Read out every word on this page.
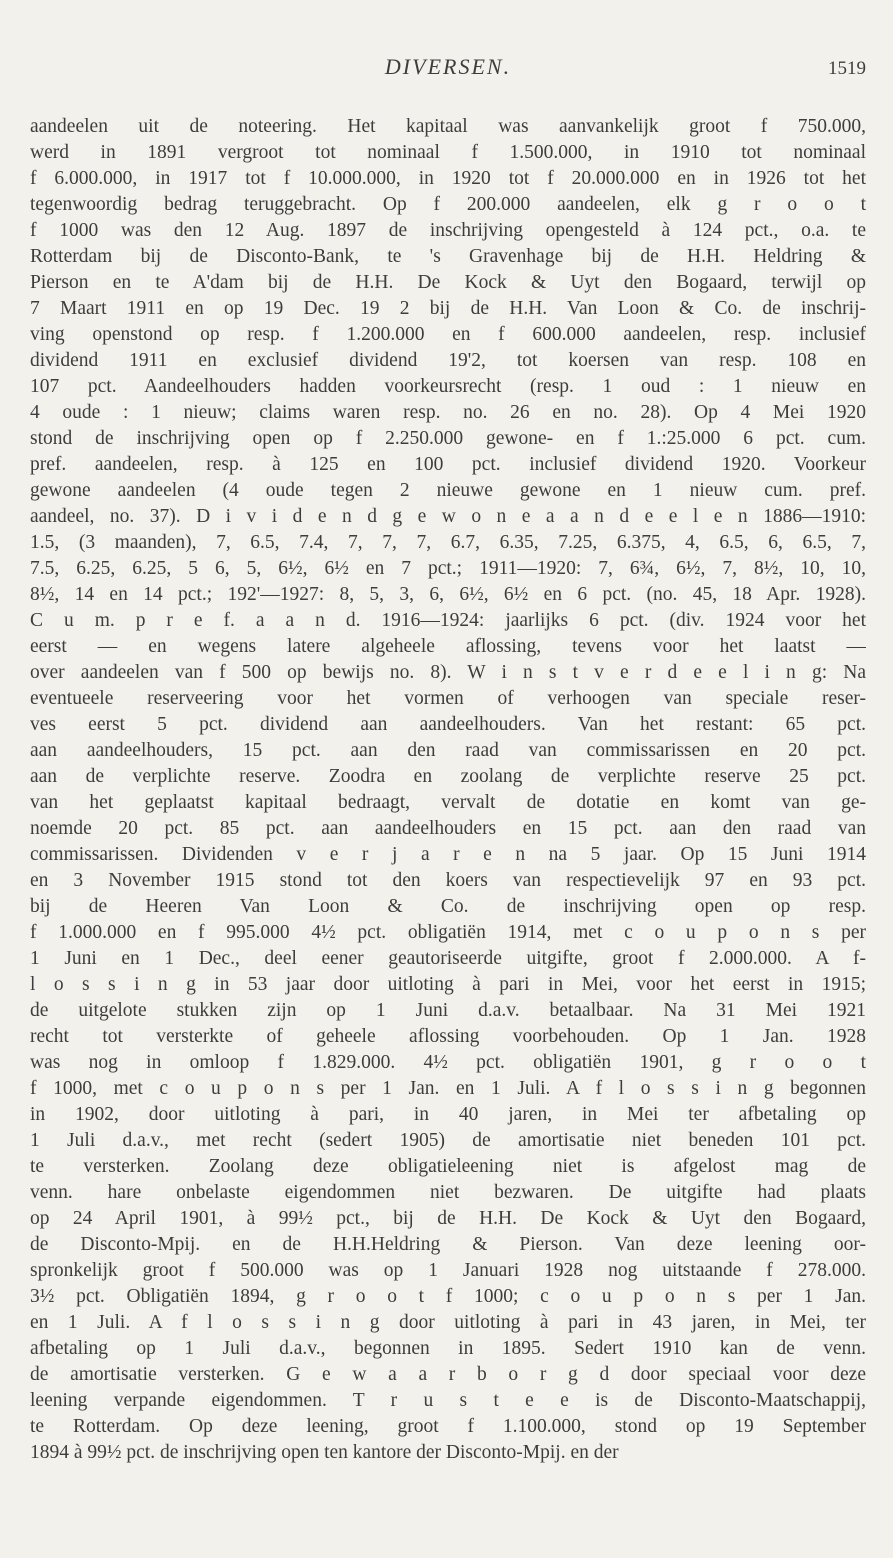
DIVERSEN.	1519
aandeelen uit de noteering. Het kapitaal was aanvankelijk groot f 750.000,
werd in 1891 vergroot tot nominaal f 1.500.000, in 1910 tot nominaal
f 6.000.000, in 1917 tot f 10.000.000, in 1920 tot f 20.000.000 en in 1926 tot het
tegenwoordig bedrag teruggebracht. Op f 200.000 aandeelen, elk g r o o t
f 1000 was den 12 Aug. 1897 de inschrijving opengesteld à 124 pct., o.a. te
Rotterdam bij de Disconto-Bank, te 's Gravenhage bij de H.H. Heldring &
Pierson en te A'dam bij de H.H. De Kock & Uyt den Bogaard, terwijl op
7 Maart 1911 en op 19 Dec. 19 2 bij de H.H. Van Loon & Co. de inschrij-
ving openstond op resp. f 1.200.000 en f 600.000 aandeelen, resp. inclusief
dividend 1911 en exclusief dividend 19'2, tot koersen van resp. 108 en
107 pct. Aandeelhouders hadden voorkeursrecht (resp. 1 oud : 1 nieuw en
4 oude : 1 nieuw; claims waren resp. no. 26 en no. 28). Op 4 Mei 1920
stond de inschrijving open op f 2.250.000 gewone- en f 1.:25.000 6 pct. cum.
pref. aandeelen, resp. à 125 en 100 pct. inclusief dividend 1920. Voorkeur
gewone aandeelen (4 oude tegen 2 nieuwe gewone en 1 nieuw cum. pref.
aandeel, no. 37). D i v i d e n d g e w o n e a a n d e e l e n 1886—1910:
1.5, (3 maanden), 7, 6.5, 7.4, 7, 7, 7, 6.7, 6.35, 7.25, 6.375, 4, 6.5, 6, 6.5, 7,
7.5, 6.25, 6.25, 5 6, 5, 6½, 6½ en 7 pct.; 1911—1920: 7, 6¾, 6½, 7, 8½, 10, 10,
8½, 14 en 14 pct.; 192'—1927: 8, 5, 3, 6, 6½, 6½ en 6 pct. (no. 45, 18 Apr. 1928).
C u m. p r e f. a a n d. 1916—1924: jaarlijks 6 pct. (div. 1924 voor het
eerst — en wegens latere algeheele aflossing, tevens voor het laatst —
over aandeelen van f 500 op bewijs no. 8). W i n s t v e r d e e l i n g: Na
eventueele reserveering voor het vormen of verhoogen van speciale reser-
ves eerst 5 pct. dividend aan aandeelhouders. Van het restant: 65 pct.
aan aandeelhouders, 15 pct. aan den raad van commissarissen en 20 pct.
aan de verplichte reserve. Zoodra en zoolang de verplichte reserve 25 pct.
van het geplaatst kapitaal bedraagt, vervalt de dotatie en komt van ge-
noemde 20 pct. 85 pct. aan aandeelhouders en 15 pct. aan den raad van
commissarissen. Dividenden v e r j a r e n na 5 jaar. Op 15 Juni 1914
en 3 November 1915 stond tot den koers van respectievelijk 97 en 93 pct.
bij de Heeren Van Loon & Co. de inschrijving open op resp.
f 1.000.000 en f 995.000 4½ pct. obligatiën 1914, met c o u p o n s per
1 Juni en 1 Dec., deel eener geautoriseerde uitgifte, groot f 2.000.000. A f-
l o s s i n g in 53 jaar door uitloting à pari in Mei, voor het eerst in 1915;
de uitgelote stukken zijn op 1 Juni d.a.v. betaalbaar. Na 31 Mei 1921
recht tot versterkte of geheele aflossing voorbehouden. Op 1 Jan. 1928
was nog in omloop f 1.829.000. 4½ pct. obligatiën 1901, g r o o t
f 1000, met c o u p o n s per 1 Jan. en 1 Juli. A f l o s s i n g begonnen
in 1902, door uitloting à pari, in 40 jaren, in Mei ter afbetaling op
1 Juli d.a.v., met recht (sedert 1905) de amortisatie niet beneden 101 pct.
te versterken. Zoolang deze obligatieleening niet is afgelost mag de
venn. hare onbelaste eigendommen niet bezwaren. De uitgifte had plaats
op 24 April 1901, à 99½ pct., bij de H.H. De Kock & Uyt den Bogaard,
de Disconto-Mpij. en de H.H.Heldring & Pierson. Van deze leening oor-
spronkelijk groot f 500.000 was op 1 Januari 1928 nog uitstaande f 278.000.
3½ pct. Obligatiën 1894, g r o o t f 1000; c o u p o n s per 1 Jan.
en 1 Juli. A f l o s s i n g door uitloting à pari in 43 jaren, in Mei, ter
afbetaling op 1 Juli d.a.v., begonnen in 1895. Sedert 1910 kan de venn.
de amortisatie versterken. G e w a a r b o r g d door speciaal voor deze
leening verpande eigendommen. T r u s t e e is de Disconto-Maatschappij,
te Rotterdam. Op deze leening, groot f 1.100.000, stond op 19 September
1894 à 99½ pct. de inschrijving open ten kantore der Disconto-Mpij. en der
